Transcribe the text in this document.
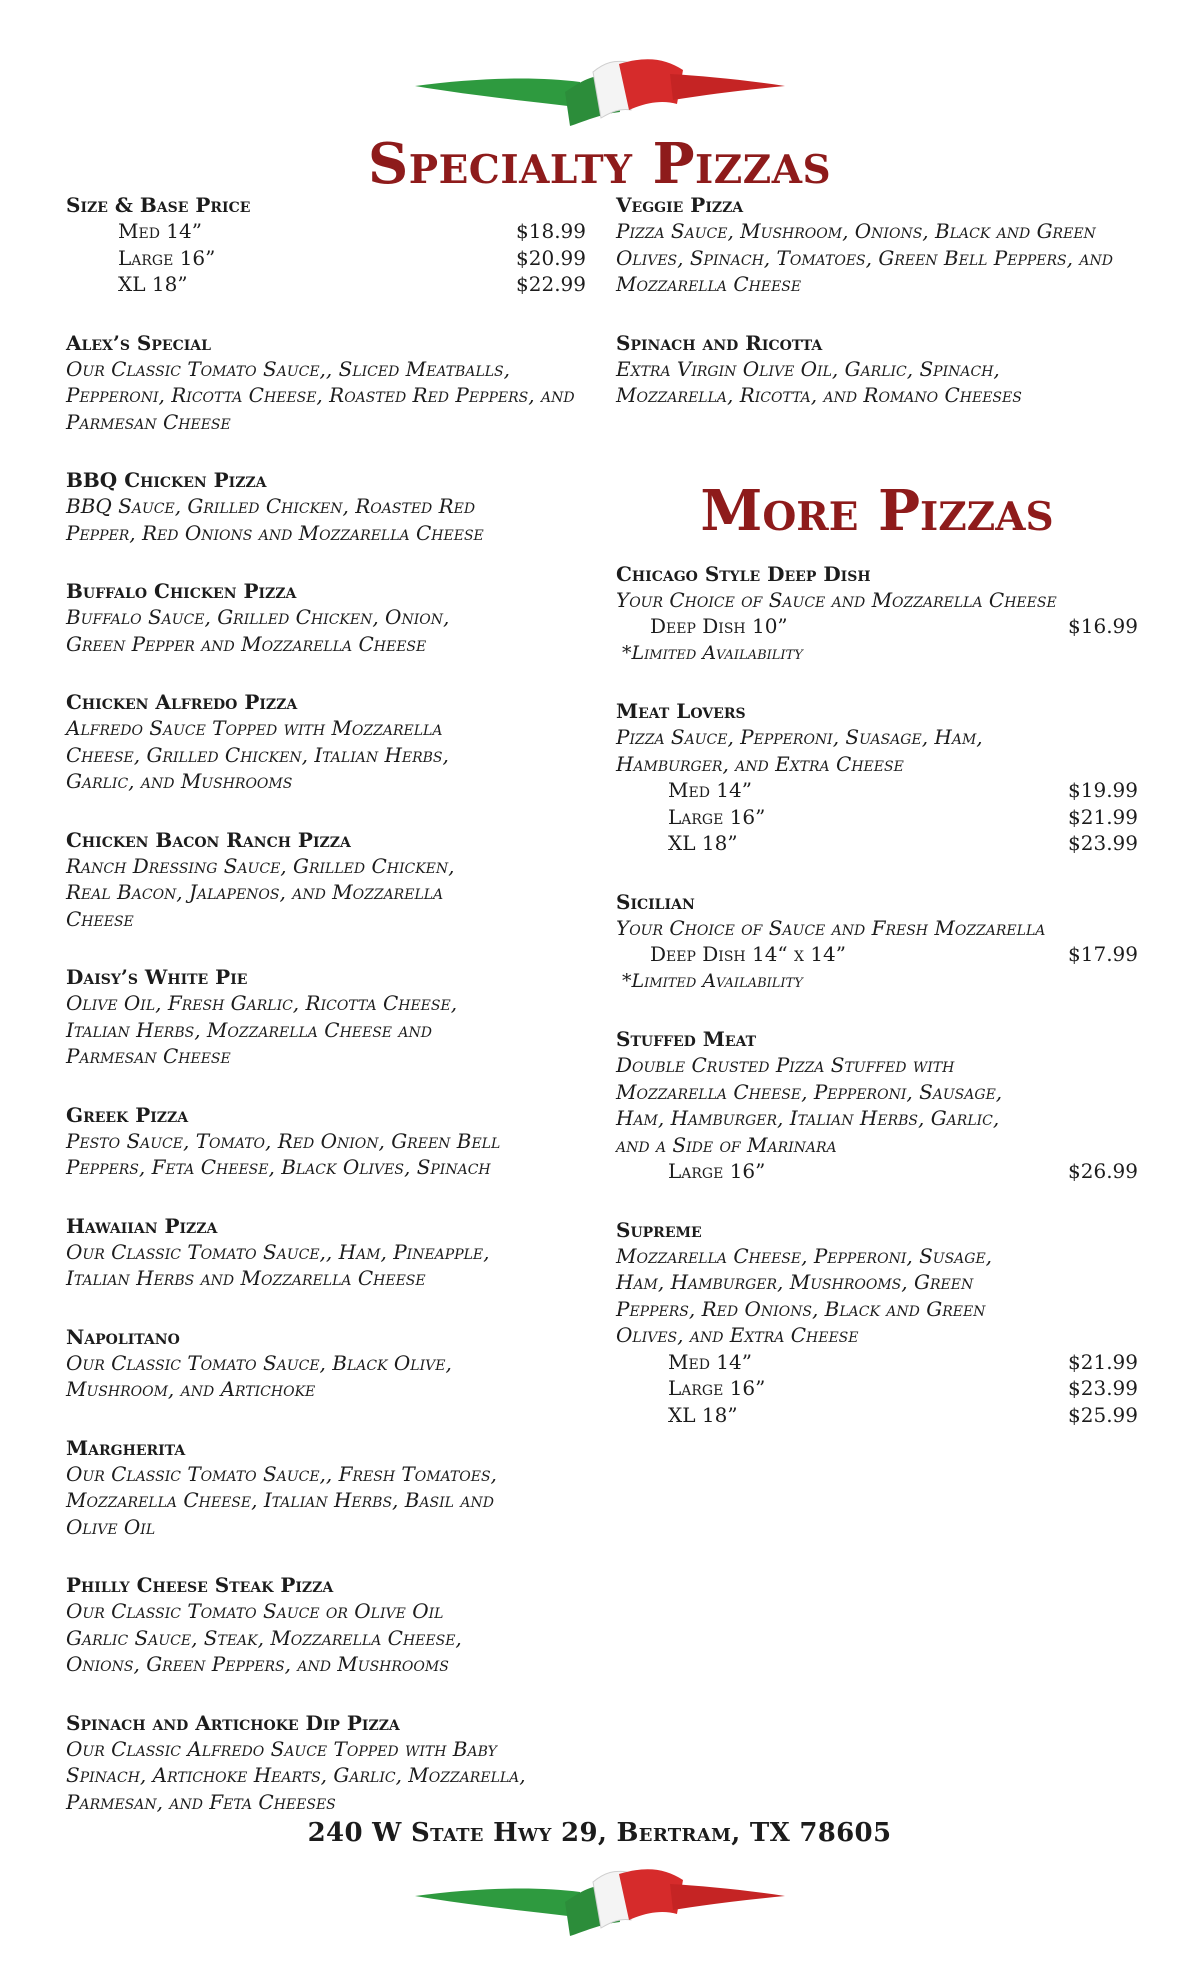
Specialty Pizzas
Size & Base Price
Med 14”	$18.99
Large 16”	$20.99
XL 18”	$22.99
Alex’s Special
Our Classic Tomato Sauce,, Sliced Meatballs, Pepperoni, Ricotta Cheese, Roasted Red Peppers, and Parmesan Cheese
BBQ Chicken Pizza
BBQ Sauce, Grilled Chicken, Roasted Red Pepper, Red Onions and Mozzarella Cheese
Buffalo Chicken Pizza
Buffalo Sauce, Grilled Chicken, Onion, Green Pepper and Mozzarella Cheese
Chicken Alfredo Pizza
Alfredo Sauce Topped with Mozzarella Cheese, Grilled Chicken, Italian Herbs, Garlic, and Mushrooms
Chicken Bacon Ranch Pizza
Ranch Dressing Sauce, Grilled Chicken, Real Bacon, Jalapenos, and Mozzarella Cheese
Daisy’s White Pie
Olive Oil, Fresh Garlic, Ricotta Cheese, Italian Herbs, Mozzarella Cheese and Parmesan Cheese
Greek Pizza
Pesto Sauce, Tomato, Red Onion, Green Bell Peppers, Feta Cheese, Black Olives, Spinach
Hawaiian Pizza
Our Classic Tomato Sauce,, Ham, Pineapple, Italian Herbs and Mozzarella Cheese
Napolitano
Our Classic Tomato Sauce, Black Olive, Mushroom, and Artichoke
Margherita
Our Classic Tomato Sauce,, Fresh Tomatoes, Mozzarella Cheese, Italian Herbs, Basil and Olive Oil
Philly Cheese Steak Pizza
Our Classic Tomato Sauce or Olive Oil Garlic Sauce, Steak, Mozzarella Cheese, Onions, Green Peppers, and Mushrooms
Spinach and Artichoke Dip Pizza
Our Classic Alfredo Sauce Topped with Baby Spinach, Artichoke Hearts, Garlic, Mozzarella, Parmesan, and Feta Cheeses
Veggie Pizza
Pizza Sauce, Mushroom, Onions, Black and Green Olives, Spinach, Tomatoes, Green Bell Peppers, and Mozzarella Cheese
Spinach and Ricotta
Extra Virgin Olive Oil, Garlic, Spinach, Mozzarella, Ricotta, and Romano Cheeses
More Pizzas
Chicago Style Deep Dish
Your Choice of Sauce and Mozzarella Cheese
Deep Dish 10”	$16.99
*Limited Availability
Meat Lovers
Pizza Sauce, Pepperoni, Suasage, Ham, Hamburger, and Extra Cheese
Med 14”	$19.99
Large 16”	$21.99
XL 18”	$23.99
Sicilian
Your Choice of Sauce and Fresh Mozzarella
Deep Dish 14“ x 14”	$17.99
*Limited Availability
Stuffed Meat
Double Crusted Pizza Stuffed with Mozzarella Cheese, Pepperoni, Sausage, Ham, Hamburger, Italian Herbs, Garlic, and a Side of Marinara
Large 16”	$26.99
Supreme
Mozzarella Cheese, Pepperoni, Susage, Ham, Hamburger, Mushrooms, Green Peppers, Red Onions, Black and Green Olives, and Extra Cheese
Med 14”	$21.99
Large 16”	$23.99
XL 18”	$25.99
240 W State Hwy 29, Bertram, TX 78605
